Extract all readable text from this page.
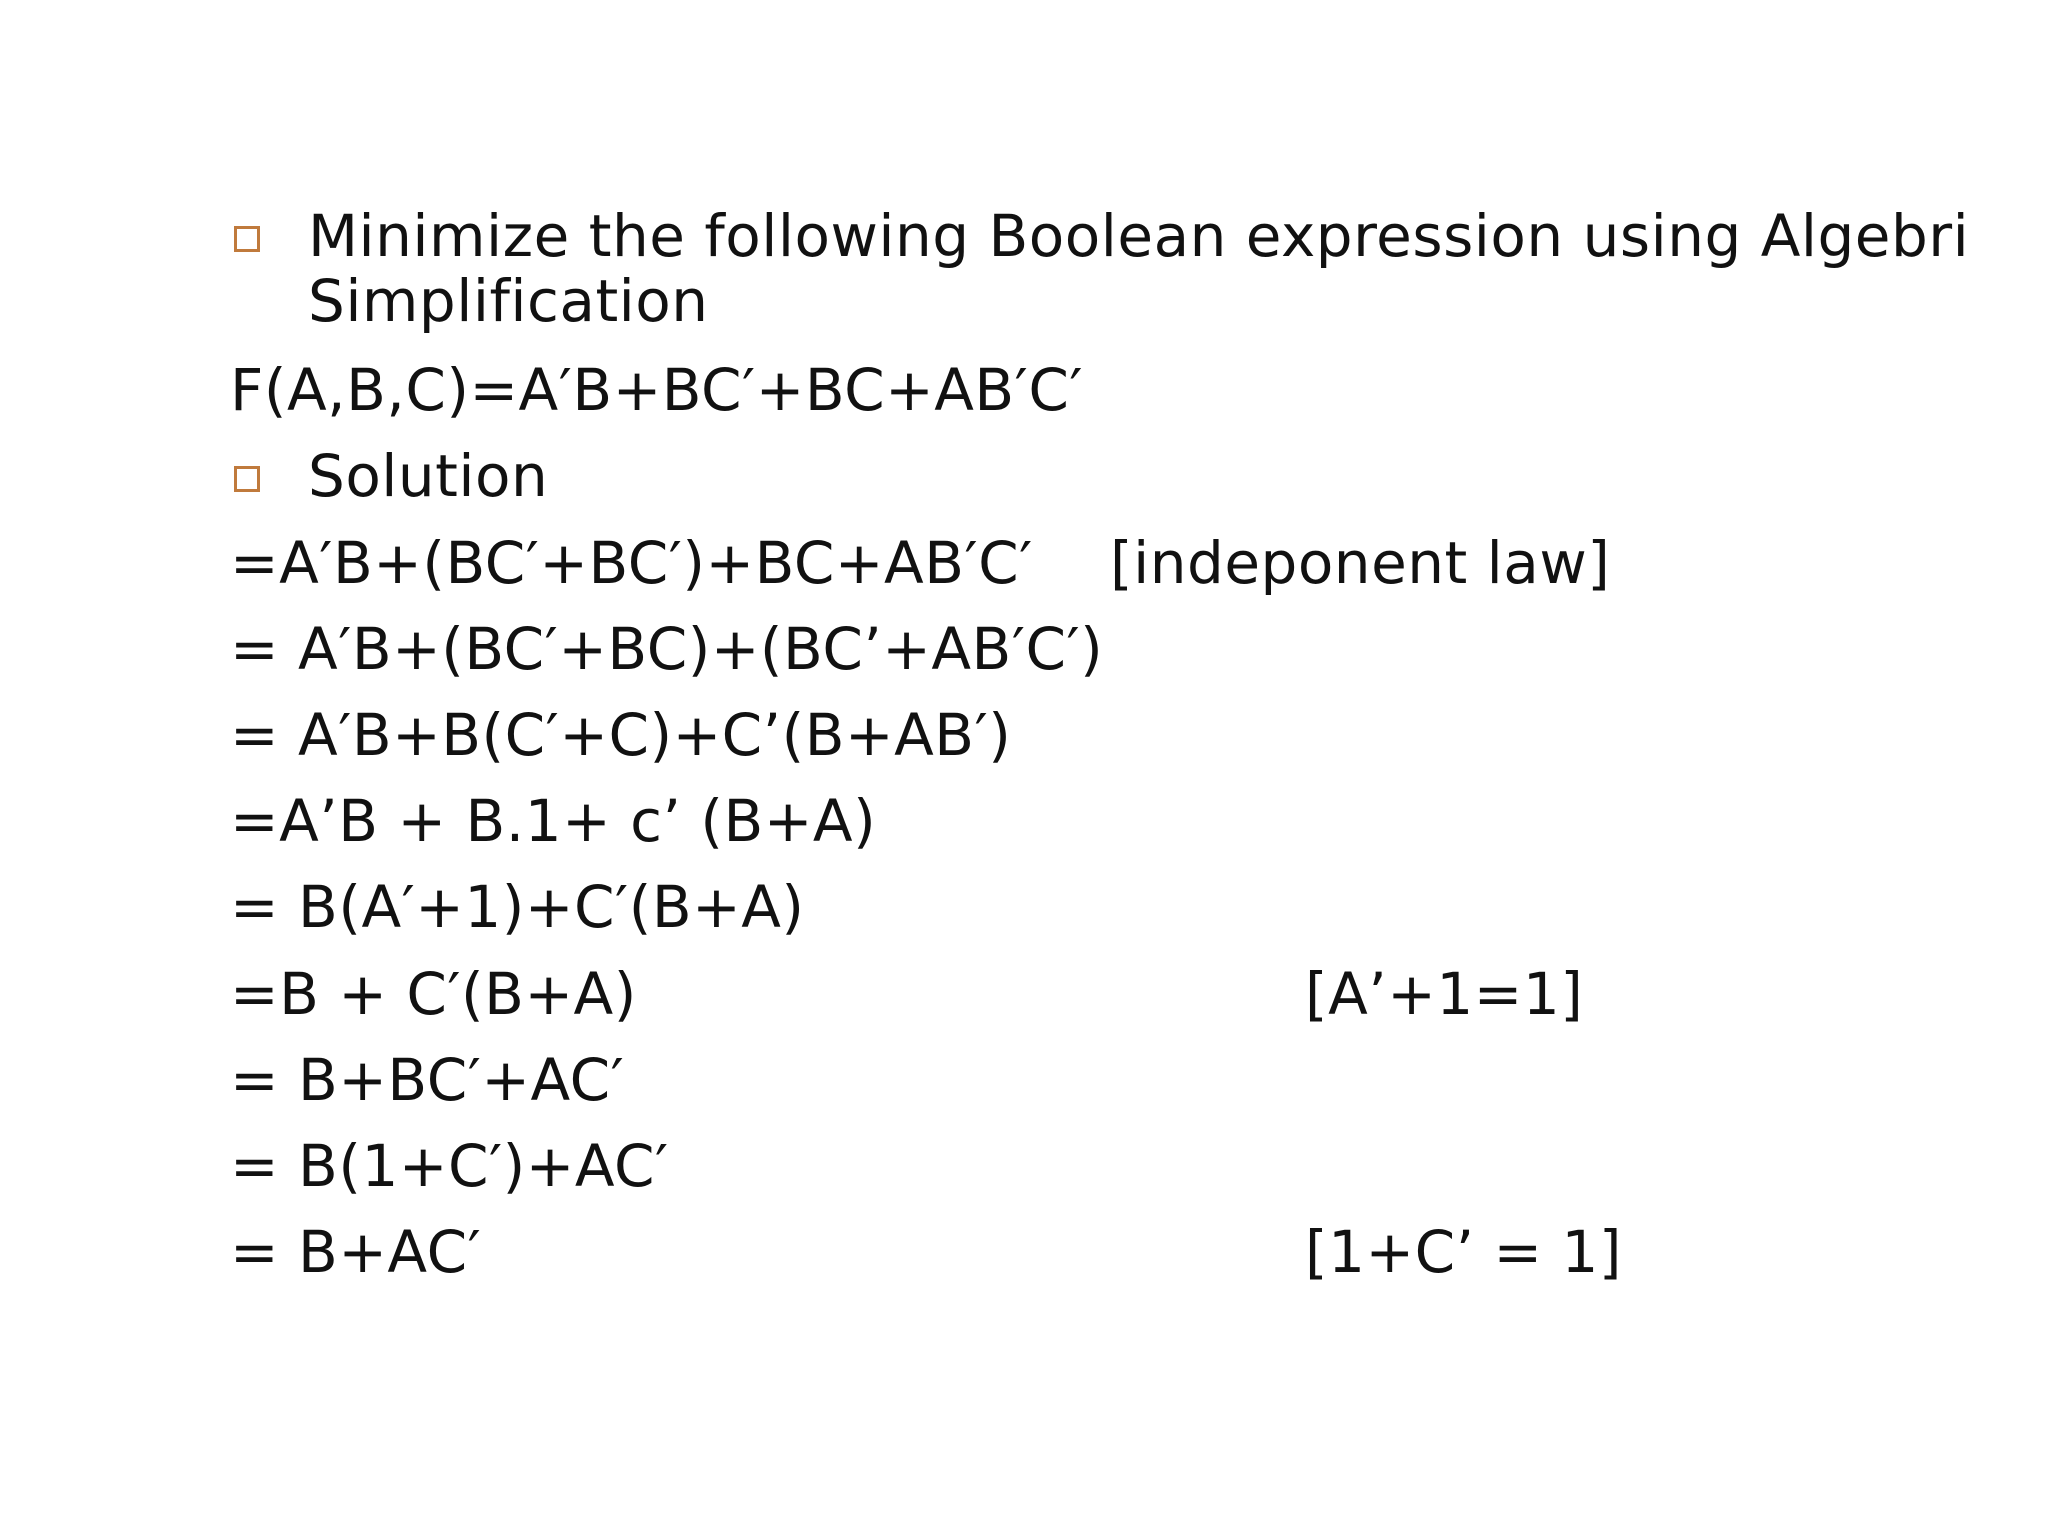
Minimize the following Boolean expression using Algebri
Simplification
F(A,B,C)=A′B+BC′+BC+AB′C′
Solution
=A′B+(BC′+BC′)+BC+AB′C′ [indeponent law]
= A′B+(BC′+BC)+(BC’+AB′C′)
= A′B+B(C′+C)+C’(B+AB′)
=A’B + B.1+ c’ (B+A)
= B(A′+1)+C′(B+A)
=B + C′(B+A)	[A’+1=1]
= B+BC′+AC′
= B(1+C′)+AC′
= B+AC′	[1+C’ = 1]
